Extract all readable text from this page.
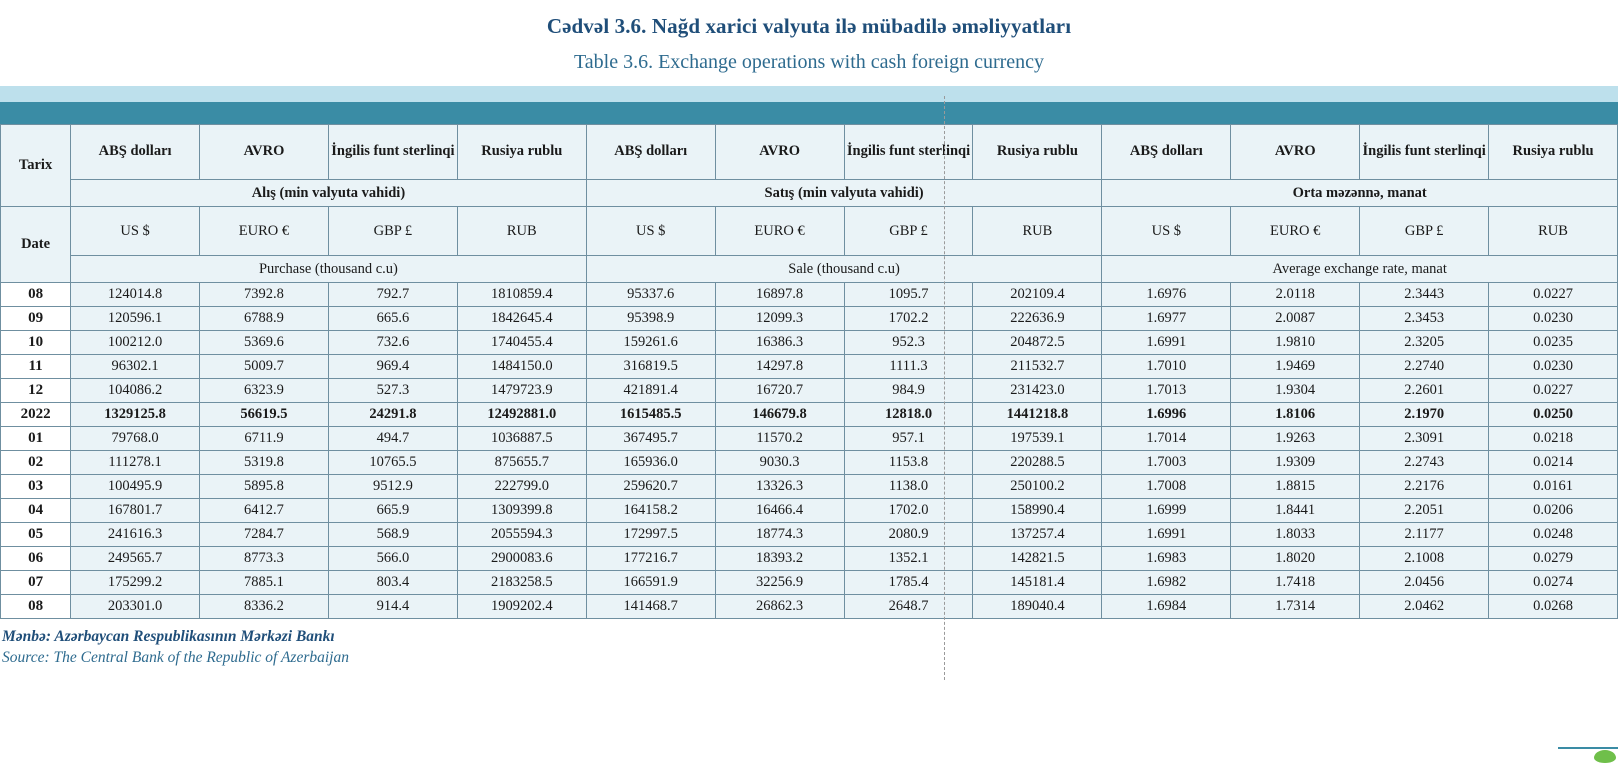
Cədvəl 3.6. Nağd xarici valyuta ilə mübadilə əməliyyatları
Table 3.6. Exchange operations with cash foreign currency
Tarix	ABŞ dolları	AVRO	İngilis funt sterlinqi	Rusiya rublu	ABŞ dolları	AVRO	İngilis funt sterlinqi	Rusiya rublu	ABŞ dolları	AVRO	İngilis funt sterlinqi	Rusiya rublu
	Alış (min valyuta vahidi)				Satış (min valyuta vahidi)				Orta məzənnə, manat			
Date	US $	EURO €	GBP £	RUB	US $	EURO €	GBP £	RUB	US $	EURO €	GBP £	RUB
	Purchase (thousand c.u)				Sale (thousand c.u)				Average exchange rate, manat			
08	124014.8	7392.8	792.7	1810859.4	95337.6	16897.8	1095.7	202109.4	1.6976	2.0118	2.3443	0.0227
09	120596.1	6788.9	665.6	1842645.4	95398.9	12099.3	1702.2	222636.9	1.6977	2.0087	2.3453	0.0230
10	100212.0	5369.6	732.6	1740455.4	159261.6	16386.3	952.3	204872.5	1.6991	1.9810	2.3205	0.0235
11	96302.1	5009.7	969.4	1484150.0	316819.5	14297.8	1111.3	211532.7	1.7010	1.9469	2.2740	0.0230
12	104086.2	6323.9	527.3	1479723.9	421891.4	16720.7	984.9	231423.0	1.7013	1.9304	2.2601	0.0227
2022	1329125.8	56619.5	24291.8	12492881.0	1615485.5	146679.8	12818.0	1441218.8	1.6996	1.8106	2.1970	0.0250
01	79768.0	6711.9	494.7	1036887.5	367495.7	11570.2	957.1	197539.1	1.7014	1.9263	2.3091	0.0218
02	111278.1	5319.8	10765.5	875655.7	165936.0	9030.3	1153.8	220288.5	1.7003	1.9309	2.2743	0.0214
03	100495.9	5895.8	9512.9	222799.0	259620.7	13326.3	1138.0	250100.2	1.7008	1.8815	2.2176	0.0161
04	167801.7	6412.7	665.9	1309399.8	164158.2	16466.4	1702.0	158990.4	1.6999	1.8441	2.2051	0.0206
05	241616.3	7284.7	568.9	2055594.3	172997.5	18774.3	2080.9	137257.4	1.6991	1.8033	2.1177	0.0248
06	249565.7	8773.3	566.0	2900083.6	177216.7	18393.2	1352.1	142821.5	1.6983	1.8020	2.1008	0.0279
07	175299.2	7885.1	803.4	2183258.5	166591.9	32256.9	1785.4	145181.4	1.6982	1.7418	2.0456	0.0274
08	203301.0	8336.2	914.4	1909202.4	141468.7	26862.3	2648.7	189040.4	1.6984	1.7314	2.0462	0.0268
Mənbə: Azərbaycan Respublikasının Mərkəzi Bankı
Source: The Central Bank of the Republic of Azerbaijan
